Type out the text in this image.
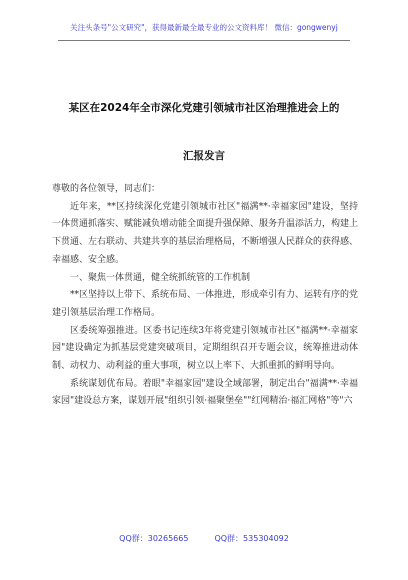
关注头条号"公文研究"，获得最新最全最专业的公文资料库！ 微信：gongwenyj
某区在2024年全市深化党建引领城市社区治理推进会上的
汇报发言

尊敬的各位领导，同志们：

近年来，**区持续深化党建引领城市社区"福满**·幸福家园"建设，坚持一体贯通抓落实、赋能减负增动能全面提升强保障、服务升温添活力，构建上下贯通、左右联动、共建共享的基层治理格局，不断增强人民群众的获得感、幸福感、安全感。

一、聚焦一体贯通，健全统抓统管的工作机制

**区坚持以上带下、系统布局、一体推进，形成牵引有力、运转有序的党建引领基层治理工作格局。

区委统筹强推进。区委书记连续3年将党建引领城市社区"福满**·幸福家园"建设确定为抓基层党建突破项目，定期组织召开专题会议，统筹推进动体制、动权力、动利益的重大事项，树立以上率下、大抓重抓的鲜明导向。

系统谋划优布局。着眼"幸福家园"建设全域部署，制定出台"福满**·幸福家园"建设总方案，谋划开展"组织引领·福聚堡垒""红网精治·福汇网格"等"六

QQ群：30265665	QQ群：535304092
